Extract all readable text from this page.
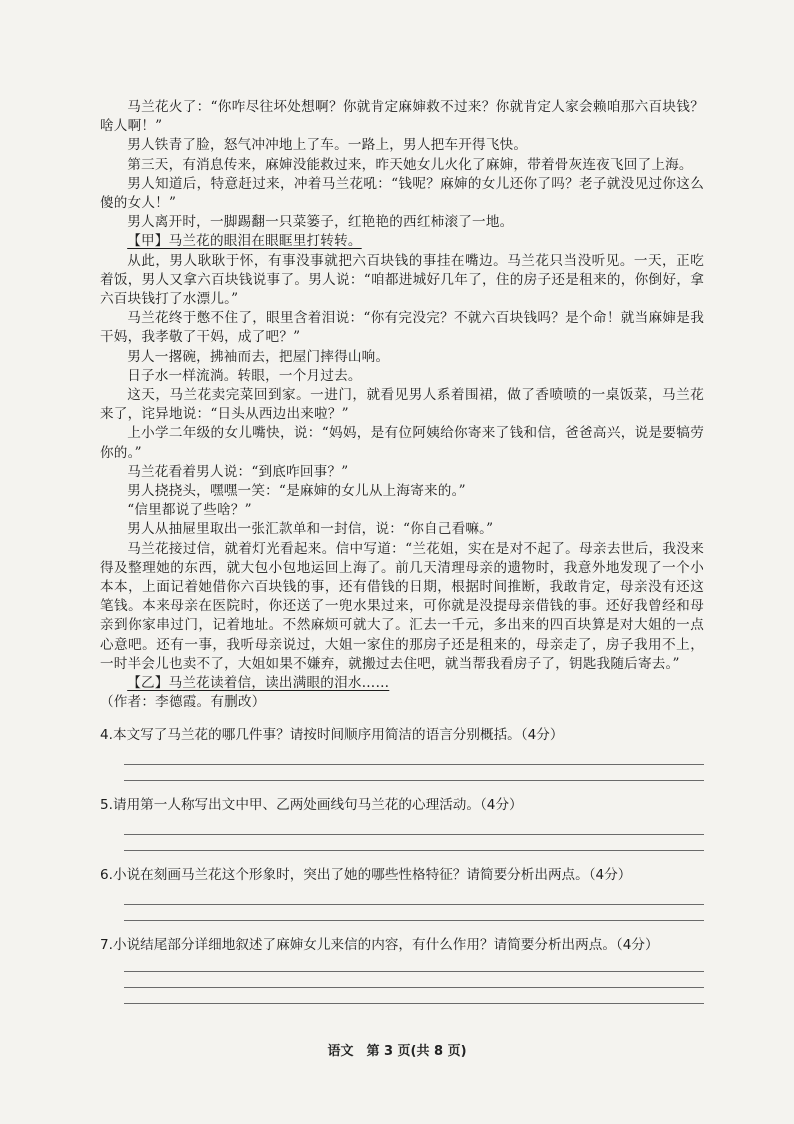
马兰花火了：“你咋尽往坏处想啊？你就肯定麻婶救不过来？你就肯定人家会赖咱那六百块钱？啥人啊！”

男人铁青了脸，怒气冲冲地上了车。一路上，男人把车开得飞快。

第三天，有消息传来，麻婶没能救过来，昨天她女儿火化了麻婶，带着骨灰连夜飞回了上海。

男人知道后，特意赶过来，冲着马兰花吼：“钱呢？麻婶的女儿还你了吗？老子就没见过你这么傻的女人！”

男人离开时，一脚踢翻一只菜篓子，红艳艳的西红柿滚了一地。

【甲】马兰花的眼泪在眼眶里打转转。

从此，男人耿耿于怀，有事没事就把六百块钱的事挂在嘴边。马兰花只当没听见。一天，正吃着饭，男人又拿六百块钱说事了。男人说：“咱都进城好几年了，住的房子还是租来的，你倒好，拿六百块钱打了水漂儿。”

马兰花终于憋不住了，眼里含着泪说：“你有完没完？不就六百块钱吗？是个命！就当麻婶是我干妈，我孝敬了干妈，成了吧？”

男人一撂碗，拂袖而去，把屋门摔得山响。

日子水一样流淌。转眼，一个月过去。

这天，马兰花卖完菜回到家。一进门，就看见男人系着围裙，做了香喷喷的一桌饭菜，马兰花来了，诧异地说：“日头从西边出来啦？”

上小学二年级的女儿嘴快，说：“妈妈，是有位阿姨给你寄来了钱和信，爸爸高兴，说是要犒劳你的。”

马兰花看着男人说：“到底咋回事？”

男人挠挠头，嘿嘿一笑：“是麻婶的女儿从上海寄来的。”

“信里都说了些啥？”

男人从抽屉里取出一张汇款单和一封信，说：“你自己看嘛。”

马兰花接过信，就着灯光看起来。信中写道：“兰花姐，实在是对不起了。母亲去世后，我没来得及整理她的东西，就大包小包地运回上海了。前几天清理母亲的遗物时，我意外地发现了一个小本本，上面记着她借你六百块钱的事，还有借钱的日期，根据时间推断，我敢肯定，母亲没有还这笔钱。本来母亲在医院时，你还送了一兜水果过来，可你就是没提母亲借钱的事。还好我曾经和母亲到你家串过门，记着地址。不然麻烦可就大了。汇去一千元，多出来的四百块算是对大姐的一点心意吧。还有一事，我听母亲说过，大姐一家住的那房子还是租来的，母亲走了，房子我用不上，一时半会儿也卖不了，大姐如果不嫌弃，就搬过去住吧，就当帮我看房子了，钥匙我随后寄去。”

【乙】马兰花读着信，读出满眼的泪水……

（作者：李德霞。有删改）

4.本文写了马兰花的哪几件事？请按时间顺序用简洁的语言分别概括。（4分）

5.请用第一人称写出文中甲、乙两处画线句马兰花的心理活动。（4分）

6.小说在刻画马兰花这个形象时，突出了她的哪些性格特征？请简要分析出两点。（4分）

7.小说结尾部分详细地叙述了麻婶女儿来信的内容，有什么作用？请简要分析出两点。（4分）

语文　第 3 页(共 8 页)
